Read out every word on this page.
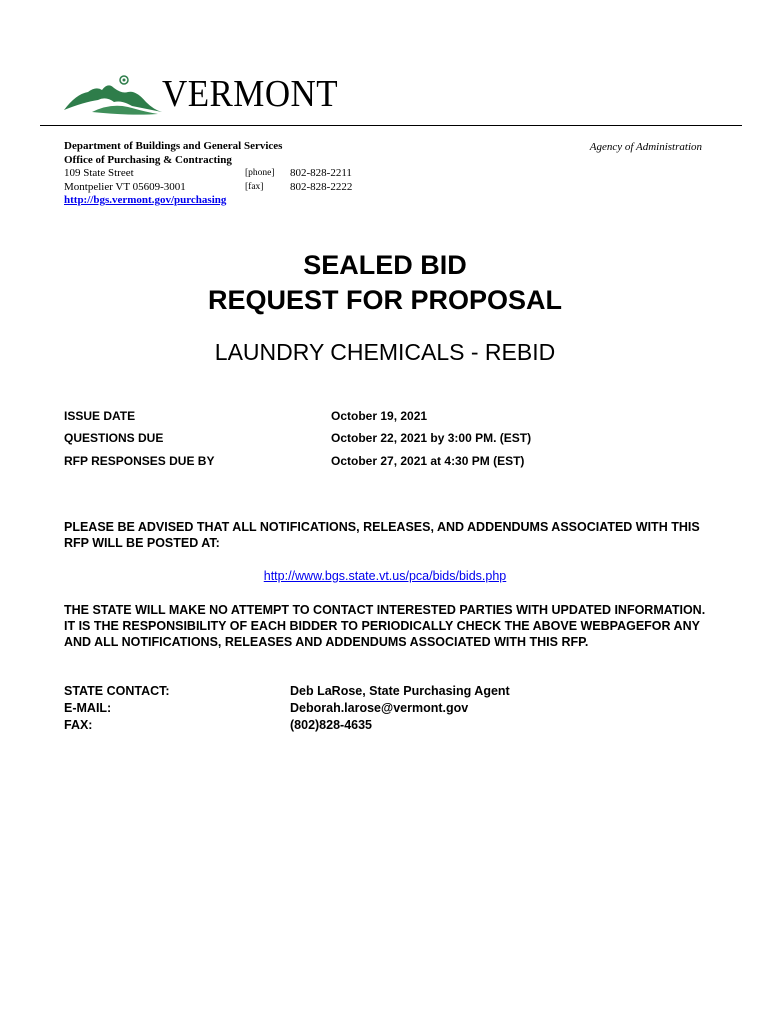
VERMONT
Department of Buildings and General Services
Office of Purchasing & Contracting
109 State Street	[phone] 802-828-2211
Montpelier VT 05609-3001	[fax] 802-828-2222
http://bgs.vermont.gov/purchasing
Agency of Administration
SEALED BID
REQUEST FOR PROPOSAL
LAUNDRY CHEMICALS - REBID
ISSUE DATE	October 19, 2021
QUESTIONS DUE	October 22, 2021 by 3:00 PM. (EST)
RFP RESPONSES DUE BY	October 27, 2021 at 4:30 PM (EST)
PLEASE BE ADVISED THAT ALL NOTIFICATIONS, RELEASES, AND ADDENDUMS ASSOCIATED WITH THIS RFP WILL BE POSTED AT:
http://www.bgs.state.vt.us/pca/bids/bids.php
THE STATE WILL MAKE NO ATTEMPT TO CONTACT INTERESTED PARTIES WITH UPDATED INFORMATION. IT IS THE RESPONSIBILITY OF EACH BIDDER TO PERIODICALLY CHECK THE ABOVE WEBPAGEFOR ANY AND ALL NOTIFICATIONS, RELEASES AND ADDENDUMS ASSOCIATED WITH THIS RFP.
STATE CONTACT:	Deb LaRose, State Purchasing Agent
E-MAIL:	Deborah.larose@vermont.gov
FAX:	(802)828-4635
